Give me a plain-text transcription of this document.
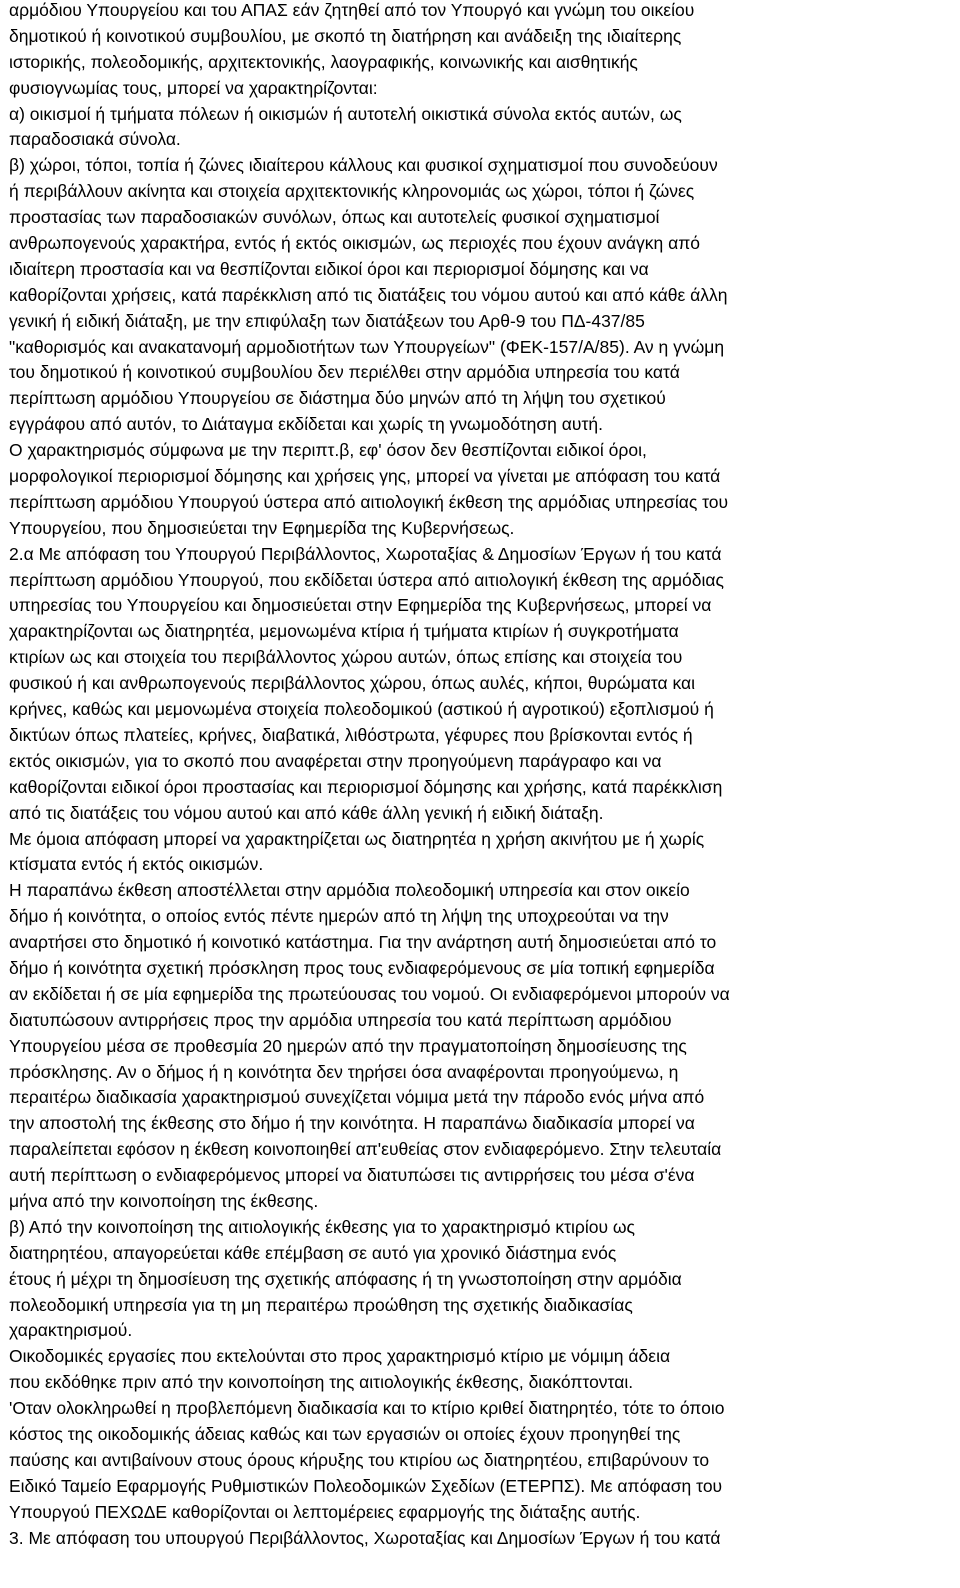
αρμόδιου Υπουργείου και του ΑΠΑΣ εάν ζητηθεί από τον Υπουργό και γνώμη του οικείου
δημοτικού ή κοινοτικού συμβουλίου, με σκοπό τη διατήρηση και ανάδειξη της ιδιαίτερης
ιστορικής, πολεοδομικής, αρχιτεκτονικής, λαογραφικής, κοινωνικής και αισθητικής
φυσιογνωμίας τους, μπορεί να χαρακτηρίζονται:
α) οικισμοί ή τμήματα πόλεων ή οικισμών ή αυτοτελή οικιστικά σύνολα εκτός αυτών, ως
παραδοσιακά σύνολα.
β) χώροι, τόποι, τοπία ή ζώνες ιδιαίτερου κάλλους και φυσικοί σχηματισμοί που συνοδεύουν
ή περιβάλλουν ακίνητα και στοιχεία αρχιτεκτονικής κληρονομιάς ως χώροι, τόποι ή ζώνες
προστασίας των παραδοσιακών συνόλων, όπως και αυτοτελείς φυσικοί σχηματισμοί
ανθρωπογενούς χαρακτήρα, εντός ή εκτός οικισμών, ως περιοχές που έχουν ανάγκη από
ιδιαίτερη προστασία και να θεσπίζονται ειδικοί όροι και περιορισμοί δόμησης και να
καθορίζονται χρήσεις, κατά παρέκκλιση από τις διατάξεις του νόμου αυτού και από κάθε άλλη
γενική ή ειδική διάταξη, με την επιφύλαξη των διατάξεων του Αρθ-9 του ΠΔ-437/85
"καθορισμός και ανακατανομή αρμοδιοτήτων των Υπουργείων" (ΦΕΚ-157/Α/85). Αν η γνώμη
του δημοτικού ή κοινοτικού συμβουλίου δεν περιέλθει στην αρμόδια υπηρεσία του κατά
περίπτωση αρμόδιου Υπουργείου σε διάστημα δύο μηνών από τη λήψη του σχετικού
εγγράφου από αυτόν, το Διάταγμα εκδίδεται και χωρίς τη γνωμοδότηση αυτή.
Ο χαρακτηρισμός σύμφωνα με την περιπτ.β, εφ' όσον δεν θεσπίζονται ειδικοί όροι,
μορφολογικοί περιορισμοί δόμησης και χρήσεις γης, μπορεί να γίνεται με απόφαση του κατά
περίπτωση αρμόδιου Υπουργού ύστερα από αιτιολογική έκθεση της αρμόδιας υπηρεσίας του
Υπουργείου, που δημοσιεύεται την Εφημερίδα της Κυβερνήσεως.
2.α Με απόφαση του Υπουργού Περιβάλλοντος, Χωροταξίας & Δημοσίων Έργων ή του κατά
περίπτωση αρμόδιου Υπουργού, που εκδίδεται ύστερα από αιτιολογική έκθεση της αρμόδιας
υπηρεσίας του Υπουργείου και δημοσιεύεται στην Εφημερίδα της Κυβερνήσεως, μπορεί να
χαρακτηρίζονται ως διατηρητέα, μεμονωμένα κτίρια ή τμήματα κτιρίων ή συγκροτήματα
κτιρίων ως και στοιχεία του περιβάλλοντος χώρου αυτών, όπως επίσης και στοιχεία του
φυσικού ή και ανθρωπογενούς περιβάλλοντος χώρου, όπως αυλές, κήποι, θυρώματα και
κρήνες, καθώς και μεμονωμένα στοιχεία πολεοδομικού (αστικού ή αγροτικού) εξοπλισμού ή
δικτύων όπως πλατείες, κρήνες, διαβατικά, λιθόστρωτα, γέφυρες που βρίσκονται εντός ή
εκτός οικισμών, για το σκοπό που αναφέρεται στην προηγούμενη παράγραφο και να
καθορίζονται ειδικοί όροι προστασίας και περιορισμοί δόμησης και χρήσης, κατά παρέκκλιση
από τις διατάξεις του νόμου αυτού και από κάθε άλλη γενική ή ειδική διάταξη.
Με όμοια απόφαση μπορεί να χαρακτηρίζεται ως διατηρητέα η χρήση ακινήτου με ή χωρίς
κτίσματα εντός ή εκτός οικισμών.
Η παραπάνω έκθεση αποστέλλεται στην αρμόδια πολεοδομική υπηρεσία και στον οικείο
δήμο ή κοινότητα, ο οποίος εντός πέντε ημερών από τη λήψη της υποχρεούται να την
αναρτήσει στο δημοτικό ή κοινοτικό κατάστημα. Για την ανάρτηση αυτή δημοσιεύεται από το
δήμο ή κοινότητα σχετική πρόσκληση προς τους ενδιαφερόμενους σε μία τοπική εφημερίδα
αν εκδίδεται ή σε μία εφημερίδα της πρωτεύουσας του νομού. Οι ενδιαφερόμενοι μπορούν να
διατυπώσουν αντιρρήσεις προς την αρμόδια υπηρεσία του κατά περίπτωση αρμόδιου
Υπουργείου μέσα σε προθεσμία 20 ημερών από την πραγματοποίηση δημοσίευσης της
πρόσκλησης. Αν ο δήμος ή η κοινότητα δεν τηρήσει όσα αναφέρονται προηγούμενω, η
περαιτέρω διαδικασία χαρακτηρισμού συνεχίζεται νόμιμα μετά την πάροδο ενός μήνα από
την αποστολή της έκθεσης στο δήμο ή την κοινότητα. Η παραπάνω διαδικασία μπορεί να
παραλείπεται εφόσον η έκθεση κοινοποιηθεί απ'ευθείας στον ενδιαφερόμενο. Στην τελευταία
αυτή περίπτωση ο ενδιαφερόμενος μπορεί να διατυπώσει τις αντιρρήσεις του μέσα σ'ένα
μήνα από την κοινοποίηση της έκθεσης.
β) Από την κοινοποίηση της αιτιολογικής έκθεσης για το χαρακτηρισμό κτιρίου ως
διατηρητέου, απαγορεύεται κάθε επέμβαση σε αυτό για χρονικό διάστημα ενός
έτους ή μέχρι τη δημοσίευση της σχετικής απόφασης ή τη γνωστοποίηση στην αρμόδια
πολεοδομική υπηρεσία για τη μη περαιτέρω προώθηση της σχετικής διαδικασίας
χαρακτηρισμού.
Οικοδομικές εργασίες που εκτελούνται στο προς χαρακτηρισμό κτίριο με νόμιμη άδεια
που εκδόθηκε πριν από την κοινοποίηση της αιτιολογικής έκθεσης, διακόπτονται.
'Οταν ολοκληρωθεί η προβλεπόμενη διαδικασία και το κτίριο κριθεί διατηρητέο, τότε το όποιο
κόστος της οικοδομικής άδειας καθώς και των εργασιών οι οποίες έχουν προηγηθεί της
παύσης και αντιβαίνουν στους όρους κήρυξης του κτιρίου ως διατηρητέου, επιβαρύνουν το
Ειδικό Ταμείο Εφαρμογής Ρυθμιστικών Πολεοδομικών Σχεδίων (ΕΤΕΡΠΣ). Με απόφαση του
Υπουργού ΠΕΧΩΔΕ καθορίζονται οι λεπτομέρειες εφαρμογής της διάταξης αυτής.
3. Με απόφαση του υπουργού Περιβάλλοντος, Χωροταξίας και Δημοσίων Έργων ή του κατά
